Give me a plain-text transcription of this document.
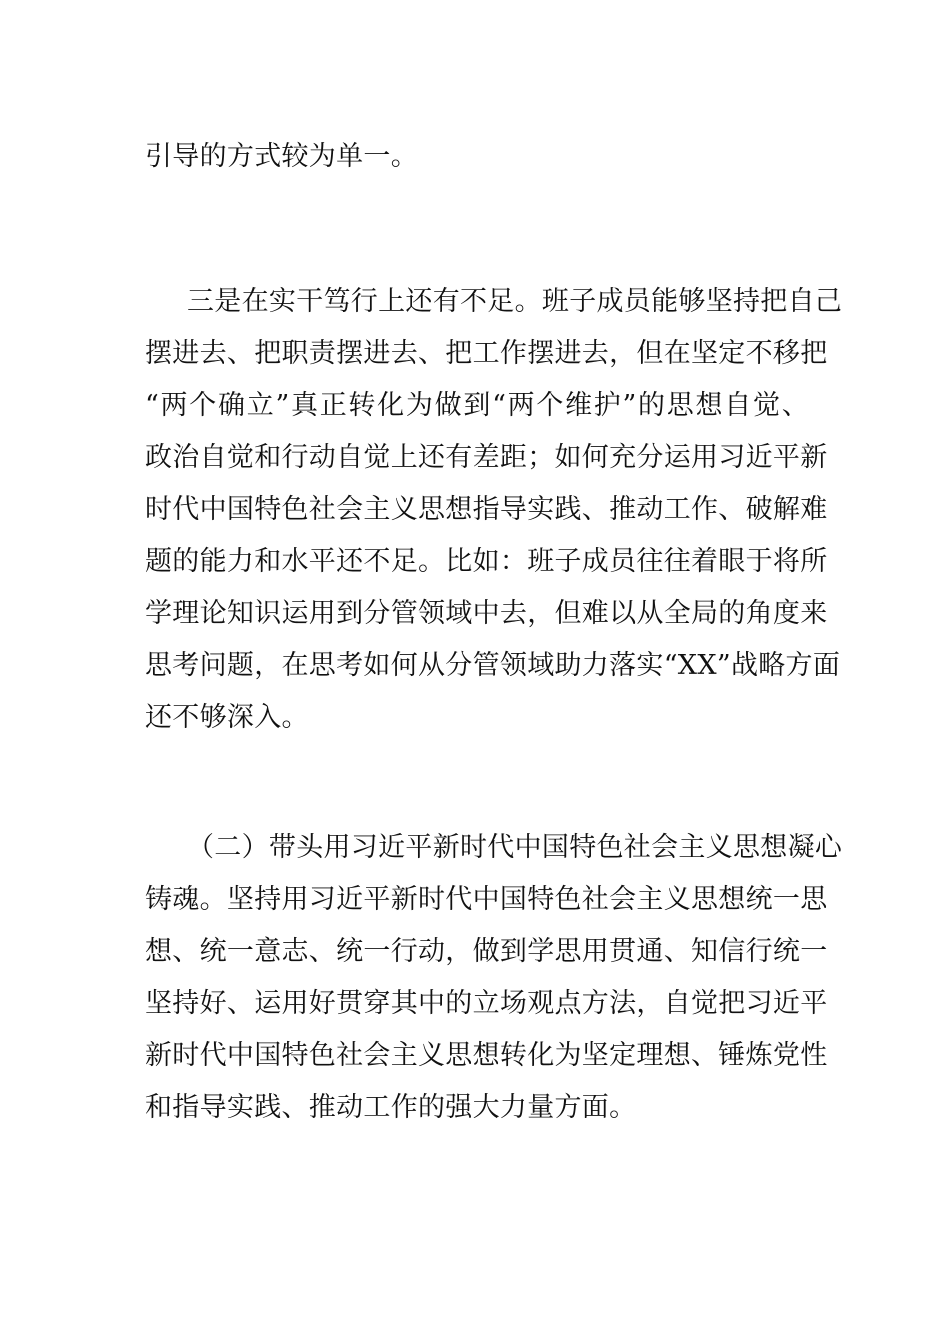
引导的方式较为单一。
三是在实干笃行上还有不足。班子成员能够坚持把自己
摆进去、把职责摆进去、把工作摆进去，但在坚定不移把
“两个确立”真正转化为做到“两个维护”的思想自觉、
政治自觉和行动自觉上还有差距；如何充分运用习近平新
时代中国特色社会主义思想指导实践、推动工作、破解难
题的能力和水平还不足。比如：班子成员往往着眼于将所
学理论知识运用到分管领域中去，但难以从全局的角度来
思考问题，在思考如何从分管领域助力落实“XX”战略方面
还不够深入。
（二）带头用习近平新时代中国特色社会主义思想凝心
铸魂。坚持用习近平新时代中国特色社会主义思想统一思
想、统一意志、统一行动，做到学思用贯通、知信行统一
坚持好、运用好贯穿其中的立场观点方法，自觉把习近平
新时代中国特色社会主义思想转化为坚定理想、锤炼党性
和指导实践、推动工作的强大力量方面。
